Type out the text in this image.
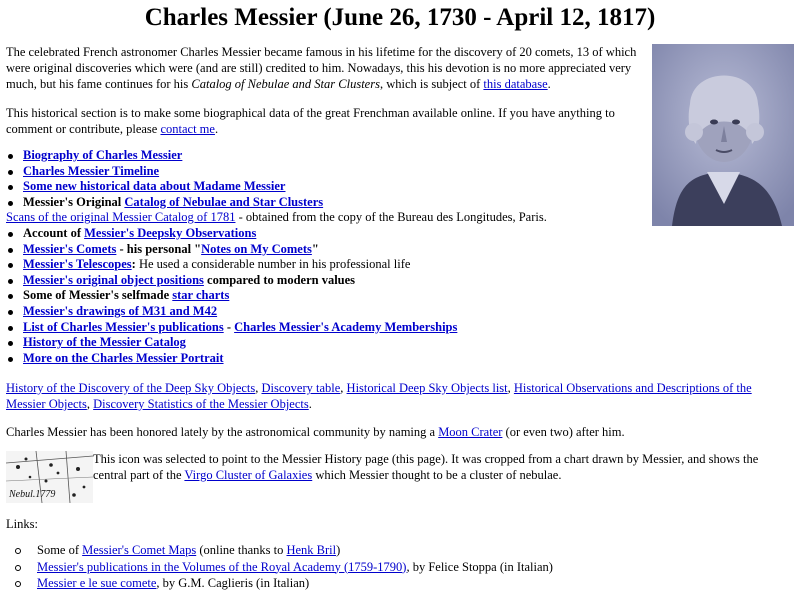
Charles Messier (June 26, 1730 - April 12, 1817)

The celebrated French astronomer Charles Messier became famous in his lifetime for the discovery of 20 comets, 13 of which were original discoveries which were (and are still) credited to him. Nowadays, this his devotion is no more appreciated very much, but his fame continues for his Catalog of Nebulae and Star Clusters, which is subject of this database.

This historical section is to make some biographical data of the great Frenchman available online. If you have anything to comment or contribute, please contact me.

Biography of Charles Messier
Charles Messier Timeline
Some new historical data about Madame Messier
Messier's Original Catalog of Nebulae and Star Clusters
Scans of the original Messier Catalog of 1781 - obtained from the copy of the Bureau des Longitudes, Paris.
Account of Messier's Deepsky Observations
Messier's Comets - his personal "Notes on My Comets"
Messier's Telescopes: He used a considerable number in his professional life
Messier's original object positions compared to modern values
Some of Messier's selfmade star charts
Messier's drawings of M31 and M42
List of Charles Messier's publications - Charles Messier's Academy Memberships
History of the Messier Catalog
More on the Charles Messier Portrait

History of the Discovery of the Deep Sky Objects, Discovery table, Historical Deep Sky Objects list, Historical Observations and Descriptions of the Messier Objects, Discovery Statistics of the Messier Objects.

Charles Messier has been honored lately by the astronomical community by naming a Moon Crater (or even two) after him.

Nebul.1779

This icon was selected to point to the Messier History page (this page). It was cropped from a chart drawn by Messier, and shows the central part of the Virgo Cluster of Galaxies which Messier thought to be a cluster of nebulae.

Links:

Some of Messier's Comet Maps (online thanks to Henk Bril)
Messier's publications in the Volumes of the Royal Academy (1759-1790), by Felice Stoppa (in Italian)
Messier e le sue comete, by G.M. Caglieris (in Italian)
